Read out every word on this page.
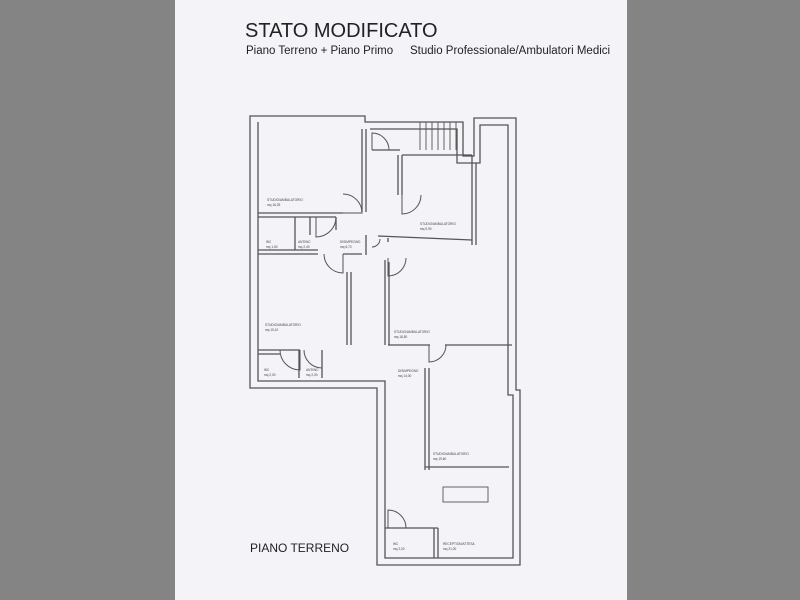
STATO MODIFICATO
Piano Terreno + Piano Primo Studio Professionale/Ambulatori Medici
STUDIO/AMBULATORIO
mq 16,25
WC
mq 1,50
ANTIWC
mq 2,40
DISIMPEGNO
mq 6,70
STUDIO/AMBULATORIO
mq 9,90
STUDIO/AMBULATORIO
mq 15,10	STUDIO/AMBULATORIO
mq 18,50
WC
mq 2,00
ANTIWC
mq 2,00
DISIMPEGNO
mq 14,00
STUDIO/AMBULATORIO
mq 19,60
WC
mq 2,00
RECEPTION/ATTESA
mq 21,00
PIANO TERRENO
